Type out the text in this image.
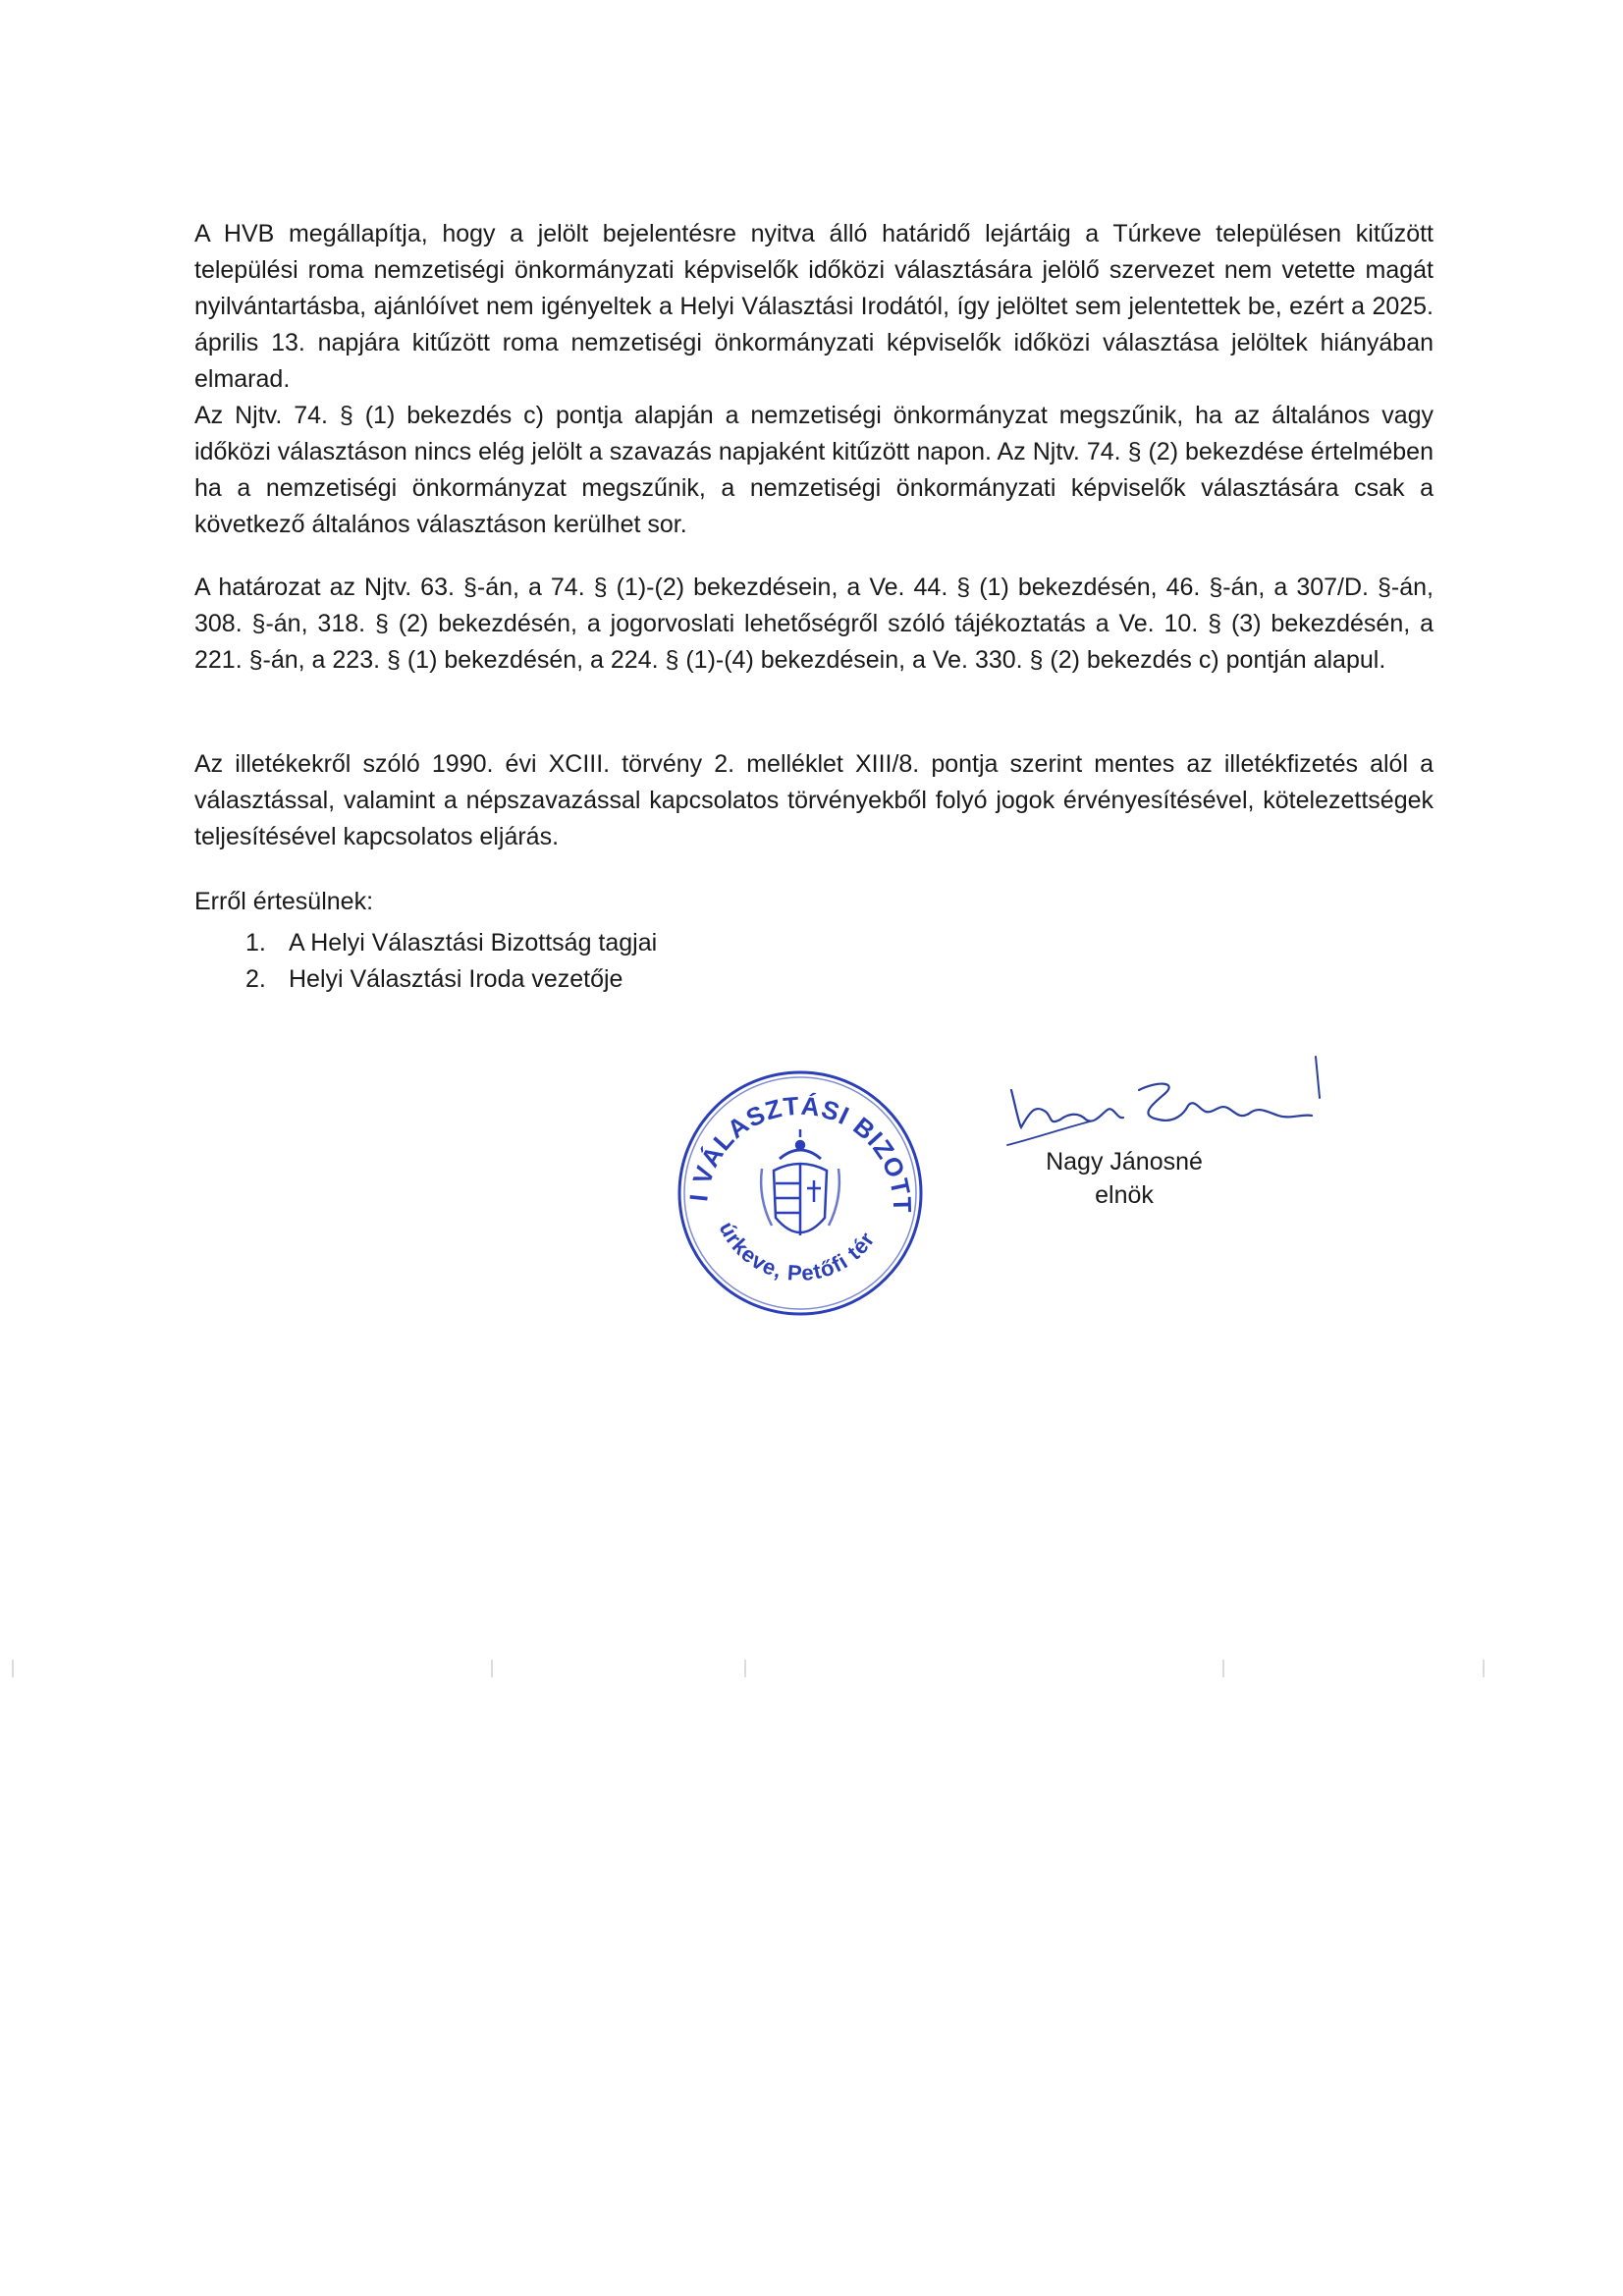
A HVB megállapítja, hogy a jelölt bejelentésre nyitva álló határidő lejártáig a Túrkeve településen kitűzött települési roma nemzetiségi önkormányzati képviselők időközi választására jelölő szervezet nem vetette magát nyilvántartásba, ajánlóívet nem igényeltek a Helyi Választási Irodától, így jelöltet sem jelentettek be, ezért a 2025. április 13. napjára kitűzött roma nemzetiségi önkormányzati képviselők időközi választása jelöltek hiányában elmarad.

Az Njtv. 74. § (1) bekezdés c) pontja alapján a nemzetiségi önkormányzat megszűnik, ha az általános vagy időközi választáson nincs elég jelölt a szavazás napjaként kitűzött napon. Az Njtv. 74. § (2) bekezdése értelmében ha a nemzetiségi önkormányzat megszűnik, a nemzetiségi önkormányzati képviselők választására csak a következő általános választáson kerülhet sor.

A határozat az Njtv. 63. §-án, a 74. § (1)-(2) bekezdésein, a Ve. 44. § (1) bekezdésén, 46. §-án, a 307/D. §-án, 308. §-án, 318. § (2) bekezdésén, a jogorvoslati lehetőségről szóló tájékoztatás a Ve. 10. § (3) bekezdésén, a 221. §-án, a 223. § (1) bekezdésén, a 224. § (1)-(4) bekezdésein, a Ve. 330. § (2) bekezdés c) pontján alapul.

Az illetékekről szóló 1990. évi XCIII. törvény 2. melléklet XIII/8. pontja szerint mentes az illetékfizetés alól a választással, valamint a népszavazással kapcsolatos törvényekből folyó jogok érvényesítésével, kötelezettségek teljesítésével kapcsolatos eljárás.

Erről értesülnek:

1. A Helyi Választási Bizottság tagjai
2. Helyi Választási Iroda vezetője
I VÁLASZTÁSI BIZOTT
úrkeve, Petőfi tér
Nagy Jánosné
elnök
